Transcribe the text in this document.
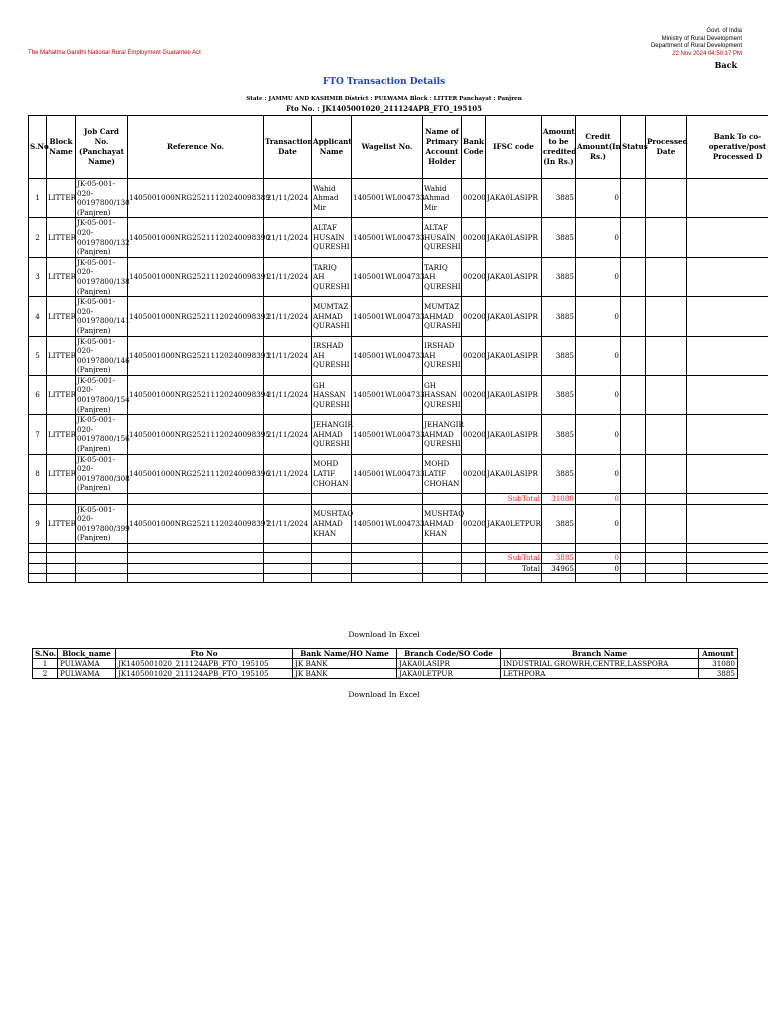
The Mahatma Gandhi National Rural Employment Guarantee Act
Govt. of India
Ministry of Rural Development
Department of Rural Development
22 Nov 2024 04:50:17 PM
Back
FTO Transaction Details
State : JAMMU AND KASHMIR District : PULWAMA Block : LITTER Panchayat : Panjren
Fto No. : JK1405001020_211124APB_FTO_195105
S.No	Block Name	Job Card No. (Panchayat Name)	Reference No.	Transaction Date	Applicant Name	Wagelist No.	Name of Primary Account Holder	Bank Code	IFSC code	Amount to be credited (In Rs.)	Credit Amount(In Rs.)	Status	Processed Date	Bank To co-operative/post Processed D
1	LITTER	JK-05-001-020-00197800/130 (Panjren)	1405001000NRG25211120240098389	21/11/2024	Wahid Ahmad Mir	1405001WL004733	Wahid Ahmad Mir	00200	JAKA0LASIPR	3885	0			
2	LITTER	JK-05-001-020-00197800/132 (Panjren)	1405001000NRG25211120240098390	21/11/2024	ALTAF HUSAIN QURESHI	1405001WL004733	ALTAF HUSAIN QURESHI	00200	JAKA0LASIPR	3885	0			
3	LITTER	JK-05-001-020-00197800/138 (Panjren)	1405001000NRG25211120240098391	21/11/2024	TARIQ AH QURESHI	1405001WL004733	TARIQ AH QURESHI	00200	JAKA0LASIPR	3885	0			
4	LITTER	JK-05-001-020-00197800/141 (Panjren)	1405001000NRG25211120240098392	21/11/2024	MUMTAZ AHMAD QURASHI	1405001WL004733	MUMTAZ AHMAD QURASHI	00200	JAKA0LASIPR	3885	0			
5	LITTER	JK-05-001-020-00197800/146 (Panjren)	1405001000NRG25211120240098393	21/11/2024	IRSHAD AH QURESHI	1405001WL004733	IRSHAD AH QURESHI	00200	JAKA0LASIPR	3885	0			
6	LITTER	JK-05-001-020-00197800/154 (Panjren)	1405001000NRG25211120240098394	21/11/2024	GH HASSAN QURESHI	1405001WL004733	GH HASSAN QURESHI	00200	JAKA0LASIPR	3885	0			
7	LITTER	JK-05-001-020-00197800/156 (Panjren)	1405001000NRG25211120240098395	21/11/2024	JEHANGIR AHMAD QURESHI	1405001WL004733	JEHANGIR AHMAD QURESHI	00200	JAKA0LASIPR	3885	0			
8	LITTER	JK-05-001-020-00197800/308 (Panjren)	1405001000NRG25211120240098396	21/11/2024	MOHD LATIF CHOHAN	1405001WL004733	MOHD LATIF CHOHAN	00200	JAKA0LASIPR	3885	0			
									SubTotal	31080	0			
9	LITTER	JK-05-001-020-00197800/399 (Panjren)	1405001000NRG25211120240098397	21/11/2024	MUSHTAQ AHMAD KHAN	1405001WL004733	MUSHTAQ AHMAD KHAN	00200	JAKA0LETPUR	3885	0			

									SubTotal	3885	0			
									Total	34965	0			

Download In Excel
S.No.	Block_name	Fto No	Bank Name/HO Name	Branch Code/SO Code	Branch Name	Amount
1	PULWAMA	JK1405001020_211124APB_FTO_195105	JK BANK	JAKA0LASIPR	INDUSTRIAL GROWRH,CENTRE,LASSPORA	31080
2	PULWAMA	JK1405001020_211124APB_FTO_195105	JK BANK	JAKA0LETPUR	LETHPORA	3885
Download In Excel
